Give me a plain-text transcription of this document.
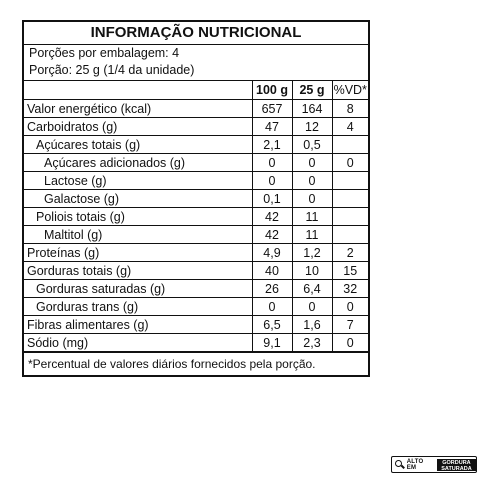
INFORMAÇÃO NUTRICIONAL
Porções por embalagem: 4
Porção: 25 g (1/4 da unidade)
	100 g	25 g	%VD*
Valor energético (kcal)	657	164	8
Carboidratos (g)	47	12	4
Açúcares totais (g)	2,1	0,5	
Açúcares adicionados (g)	0	0	0
Lactose (g)	0	0	
Galactose (g)	0,1	0	
Poliois totais (g)	42	11	
Maltitol (g)	42	11	
Proteínas (g)	4,9	1,2	2
Gorduras totais (g)	40	10	15
Gorduras saturadas (g)	26	6,4	32
Gorduras trans (g)	0	0	0
Fibras alimentares (g)	6,5	1,6	7
Sódio (mg)	9,1	2,3	0
*Percentual de valores diários fornecidos pela porção.
ALTO EM
GORDURA
SATURADA
